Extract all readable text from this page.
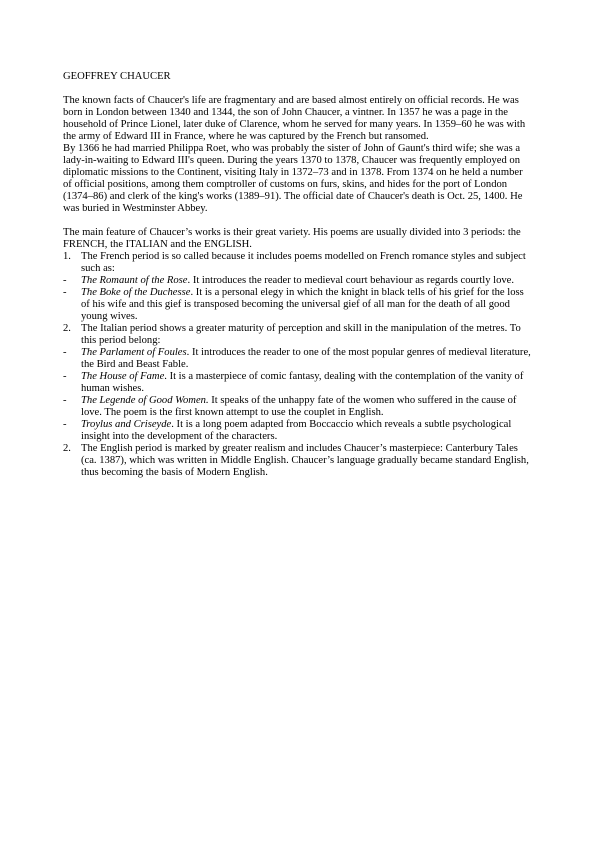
GEOFFREY CHAUCER

The known facts of Chaucer's life are fragmentary and are based almost entirely on official records. He was born in London between 1340 and 1344, the son of John Chaucer, a vintner. In 1357 he was a page in the household of Prince Lionel, later duke of Clarence, whom he served for many years. In 1359–60 he was with the army of Edward III in France, where he was captured by the French but ransomed.

By 1366 he had married Philippa Roet, who was probably the sister of John of Gaunt's third wife; she was a lady-in-waiting to Edward III's queen. During the years 1370 to 1378, Chaucer was frequently employed on diplomatic missions to the Continent, visiting Italy in 1372–73 and in 1378. From 1374 on he held a number of official positions, among them comptroller of customs on furs, skins, and hides for the port of London (1374–86) and clerk of the king's works (1389–91). The official date of Chaucer's death is Oct. 25, 1400. He was buried in Westminster Abbey.

The main feature of Chaucer’s works is their great variety. His poems are usually divided into 3 periods: the FRENCH, the ITALIAN and the ENGLISH.

1. The French period is so called because it includes poems modelled on French romance styles and subject such as:
-	The Romaunt of the Rose. It introduces the reader to medieval court behaviour as regards courtly love.
-	The Boke of the Duchesse. It is a personal elegy in which the knight in black tells of his grief for the loss of his wife and this gief is transposed becoming the universal gief of all man for the death of all good young wives.
2. The Italian period shows a greater maturity of perception and skill in the manipulation of the metres. To this period belong:
-	The Parlament of Foules. It introduces the reader to one of the most popular genres of medieval literature, the Bird and Beast Fable.
-	The House of Fame. It is a masterpiece of comic fantasy, dealing with the contemplation of the vanity of human wishes.
-	The Legende of Good Women. It speaks of the unhappy fate of the women who suffered in the cause of love. The poem is the first known attempt to use the couplet in English.
-	Troylus and Criseyde. It is a long poem adapted from Boccaccio which reveals a subtle psychological insight into the development of the characters.
2. The English period is marked by greater realism and includes Chaucer’s masterpiece: Canterbury Tales (ca. 1387), which was written in Middle English. Chaucer’s language gradually became standard English, thus becoming the basis of Modern English.
